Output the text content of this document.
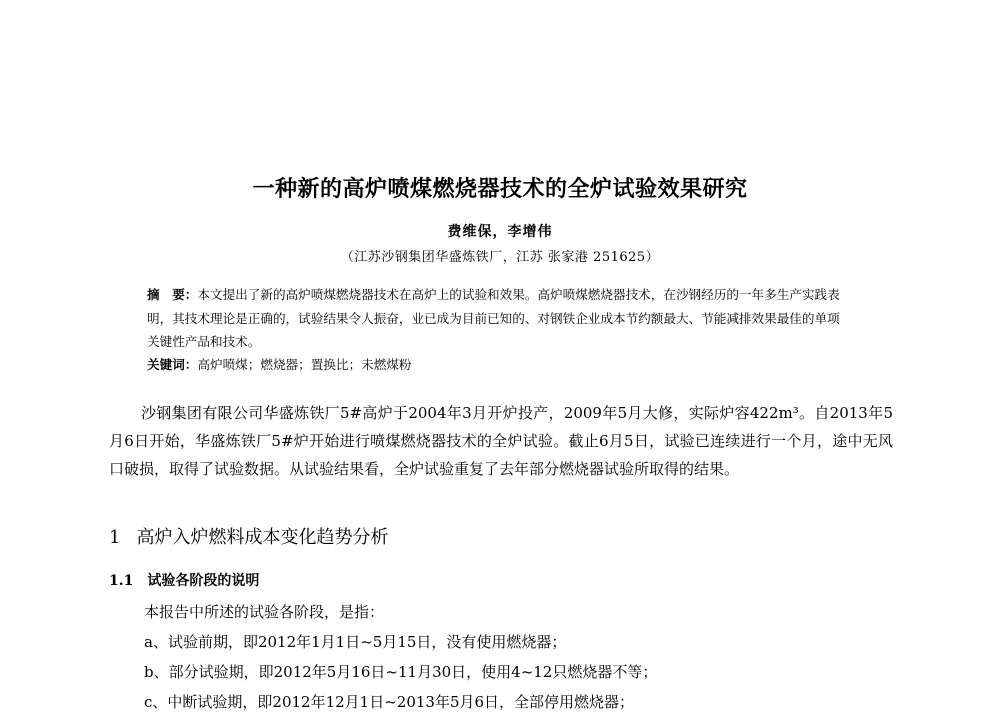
一种新的高炉喷煤燃烧器技术的全炉试验效果研究
费维保，李增伟
（江苏沙钢集团华盛炼铁厂，江苏 张家港 251625）
摘　要：本文提出了新的高炉喷煤燃烧器技术在高炉上的试验和效果。高炉喷煤燃烧器技术，在沙钢经历的一年多生产实践表明，其技术理论是正确的，试验结果令人振奋，业已成为目前已知的、对钢铁企业成本节约额最大、节能减排效果最佳的单项关键性产品和技术。
关键词：高炉喷煤；燃烧器；置换比；未燃煤粉
沙钢集团有限公司华盛炼铁厂5#高炉于2004年3月开炉投产，2009年5月大修，实际炉容422m³。自2013年5月6日开始，华盛炼铁厂5#炉开始进行喷煤燃烧器技术的全炉试验。截止6月5日，试验已连续进行一个月，途中无风口破损，取得了试验数据。从试验结果看，全炉试验重复了去年部分燃烧器试验所取得的结果。
1 高炉入炉燃料成本变化趋势分析
1.1 试验各阶段的说明
本报告中所述的试验各阶段，是指：
a、试验前期，即2012年1月1日~5月15日，没有使用燃烧器；
b、部分试验期，即2012年5月16日~11月30日，使用4~12只燃烧器不等；
c、中断试验期，即2012年12月1日~2013年5月6日，全部停用燃烧器；
